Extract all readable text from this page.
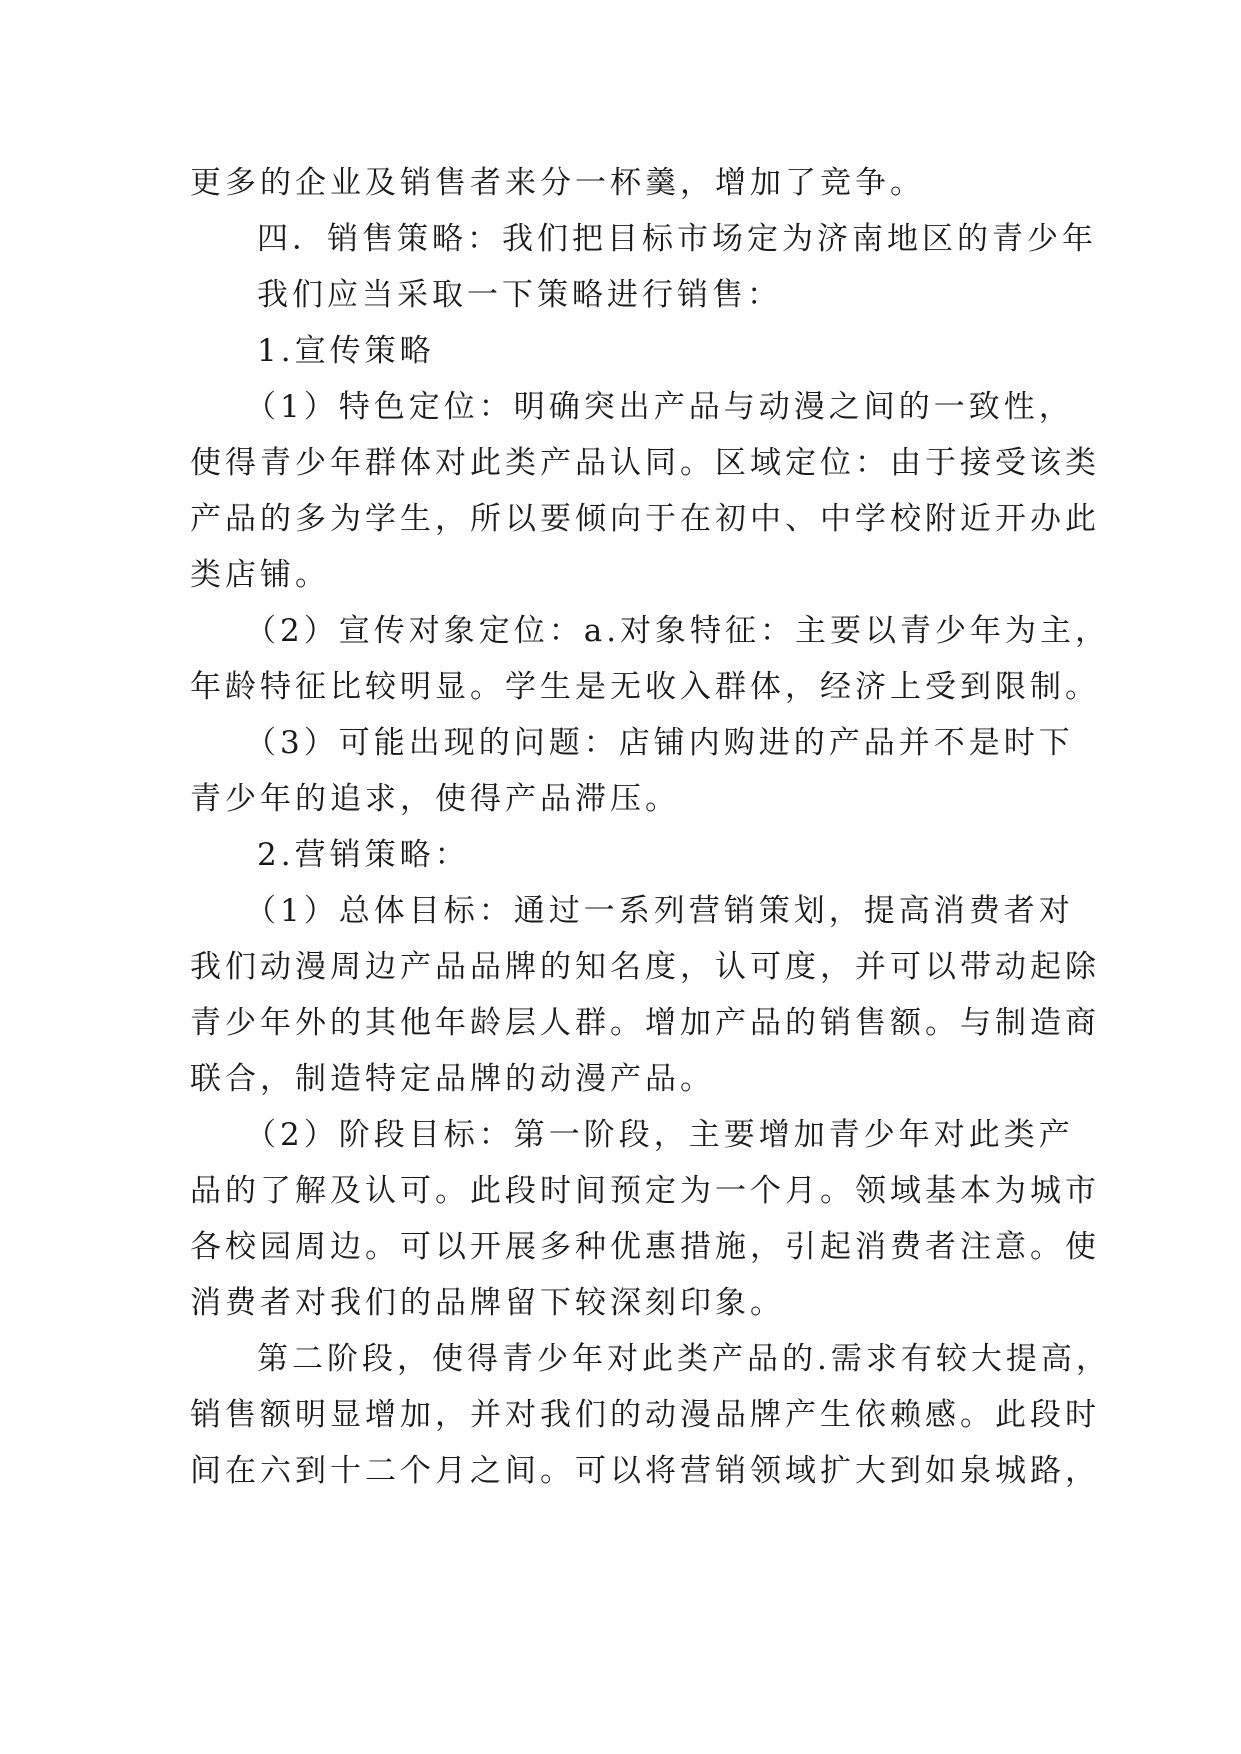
更多的企业及销售者来分一杯羹，增加了竞争。
四．销售策略：我们把目标市场定为济南地区的青少年
我们应当采取一下策略进行销售：
1.宣传策略
（1）特色定位：明确突出产品与动漫之间的一致性，
使得青少年群体对此类产品认同。区域定位：由于接受该类
产品的多为学生，所以要倾向于在初中、中学校附近开办此
类店铺。
（2）宣传对象定位：a.对象特征：主要以青少年为主，
年龄特征比较明显。学生是无收入群体，经济上受到限制。
（3）可能出现的问题：店铺内购进的产品并不是时下
青少年的追求，使得产品滞压。
2.营销策略：
（1）总体目标：通过一系列营销策划，提高消费者对
我们动漫周边产品品牌的知名度，认可度，并可以带动起除
青少年外的其他年龄层人群。增加产品的销售额。与制造商
联合，制造特定品牌的动漫产品。
（2）阶段目标：第一阶段，主要增加青少年对此类产
品的了解及认可。此段时间预定为一个月。领域基本为城市
各校园周边。可以开展多种优惠措施，引起消费者注意。使
消费者对我们的品牌留下较深刻印象。
第二阶段，使得青少年对此类产品的.需求有较大提高，
销售额明显增加，并对我们的动漫品牌产生依赖感。此段时
间在六到十二个月之间。可以将营销领域扩大到如泉城路，
